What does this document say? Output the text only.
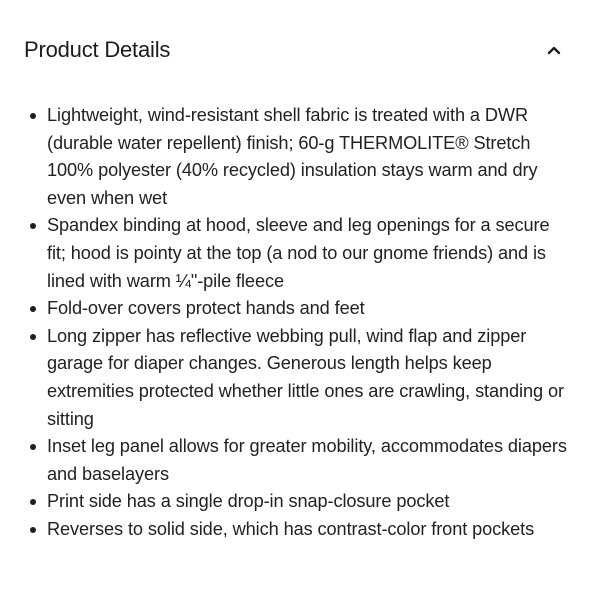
Product Details
Lightweight, wind-resistant shell fabric is treated with a DWR (durable water repellent) finish; 60-g THERMOLITE® Stretch 100% polyester (40% recycled) insulation stays warm and dry even when wet
Spandex binding at hood, sleeve and leg openings for a secure fit; hood is pointy at the top (a nod to our gnome friends) and is lined with warm ¼"-pile fleece
Fold-over covers protect hands and feet
Long zipper has reflective webbing pull, wind flap and zipper garage for diaper changes. Generous length helps keep extremities protected whether little ones are crawling, standing or sitting
Inset leg panel allows for greater mobility, accommodates diapers and baselayers
Print side has a single drop-in snap-closure pocket
Reverses to solid side, which has contrast-color front pockets
